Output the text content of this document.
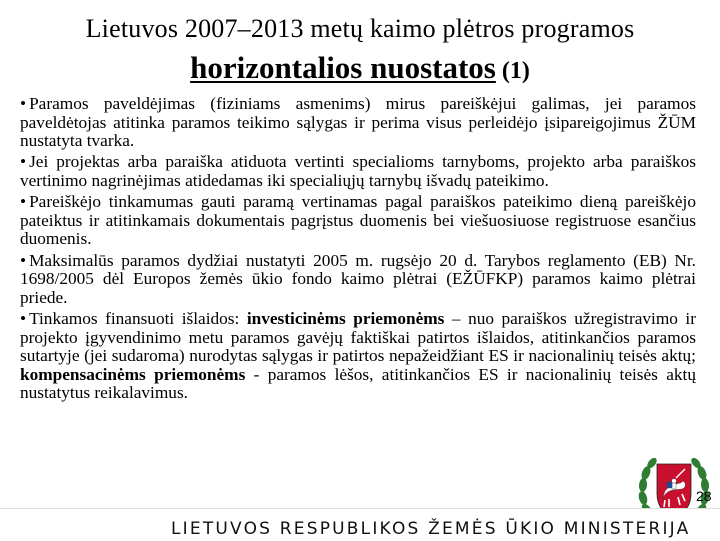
Lietuvos 2007–2013 metų kaimo plėtros programos
horizontalios nuostatos (1)

• Paramos paveldėjimas (fiziniams asmenims) mirus pareiškėjui galimas, jei paramos paveldėtojas atitinka paramos teikimo sąlygas ir perima visus perleidėjo įsipareigojimus ŽŪM nustatyta tvarka.

• Jei projektas arba paraiška atiduota vertinti specialioms tarnyboms, projekto arba paraiškos vertinimo nagrinėjimas atidedamas iki specialiųjų tarnybų išvadų pateikimo.

• Pareiškėjo tinkamumas gauti paramą vertinamas pagal paraiškos pateikimo dieną pareiškėjo pateiktus ir atitinkamais dokumentais pagrįstus duomenis bei viešuosiuose registruose esančius duomenis.

• Maksimalūs paramos dydžiai nustatyti 2005 m. rugsėjo 20 d. Tarybos reglamento (EB) Nr. 1698/2005 dėl Europos žemės ūkio fondo kaimo plėtrai (EŽŪFKP) paramos kaimo plėtrai priede.

• Tinkamos finansuoti išlaidos: investicinėms priemonėms – nuo paraiškos užregistravimo ir projekto įgyvendinimo metu paramos gavėjų faktiškai patirtos išlaidos, atitinkančios paramos sutartyje (jei sudaroma) nurodytas sąlygas ir patirtos nepažeidžiant ES ir nacionalinių teisės aktų; kompensacinėms priemonėms - paramos lėšos, atitinkančios ES ir nacionalinių teisės aktų nustatytus reikalavimus.

28
LIETUVOS RESPUBLIKOS ŽEMĖS ŪKIO MINISTERIJA
